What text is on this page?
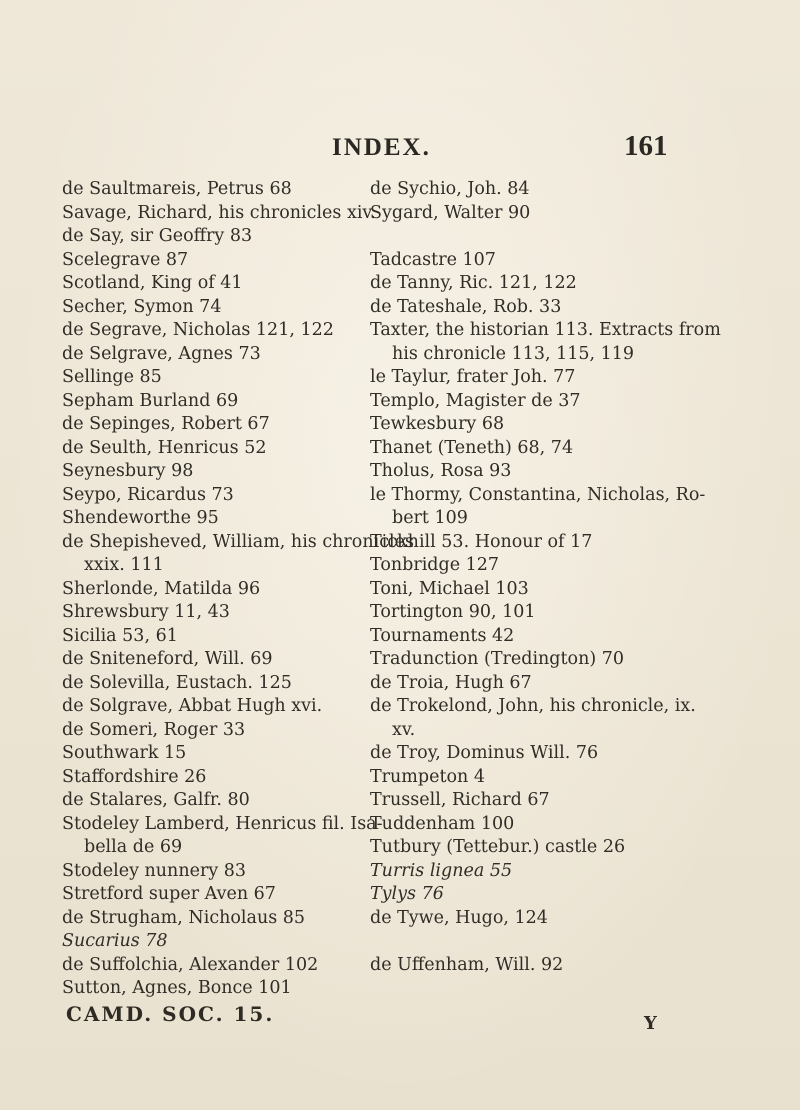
INDEX.	161
de Saultmareis, Petrus 68
Savage, Richard, his chronicles xiv.
de Say, sir Geoffry 83
Scelegrave 87
Scotland, King of 41
Secher, Symon 74
de Segrave, Nicholas 121, 122
de Selgrave, Agnes 73
Sellinge 85
Sepham Burland 69
de Sepinges, Robert 67
de Seulth, Henricus 52
Seynesbury 98
Seypo, Ricardus 73
Shendeworthe 95
de Shepisheved, William, his chronicles
xxix. 111
Sherlonde, Matilda 96
Shrewsbury 11, 43
Sicilia 53, 61
de Sniteneford, Will. 69
de Solevilla, Eustach. 125
de Solgrave, Abbat Hugh xvi.
de Someri, Roger 33
Southwark 15
Staffordshire 26
de Stalares, Galfr. 80
Stodeley Lamberd, Henricus fil. Isa-
bella de 69
Stodeley nunnery 83
Stretford super Aven 67
de Strugham, Nicholaus 85
Sucarius 78
de Suffolchia, Alexander 102
Sutton, Agnes, Bonce 101
CAMD. SOC. 15.
de Sychio, Joh. 84
Sygard, Walter 90
Tadcastre 107
de Tanny, Ric. 121, 122
de Tateshale, Rob. 33
Taxter, the historian 113. Extracts from
his chronicle 113, 115, 119
le Taylur, frater Joh. 77
Templo, Magister de 37
Tewkesbury 68
Thanet (Teneth) 68, 74
Tholus, Rosa 93
le Thormy, Constantina, Nicholas, Ro-
bert 109
Tickhill 53. Honour of 17
Tonbridge 127
Toni, Michael 103
Tortington 90, 101
Tournaments 42
Tradunction (Tredington) 70
de Troia, Hugh 67
de Trokelond, John, his chronicle, ix.
xv.
de Troy, Dominus Will. 76
Trumpeton 4
Trussell, Richard 67
Tuddenham 100
Tutbury (Tettebur.) castle 26
Turris lignea 55
Tylys 76
de Tywe, Hugo, 124
de Uffenham, Will. 92
Y
